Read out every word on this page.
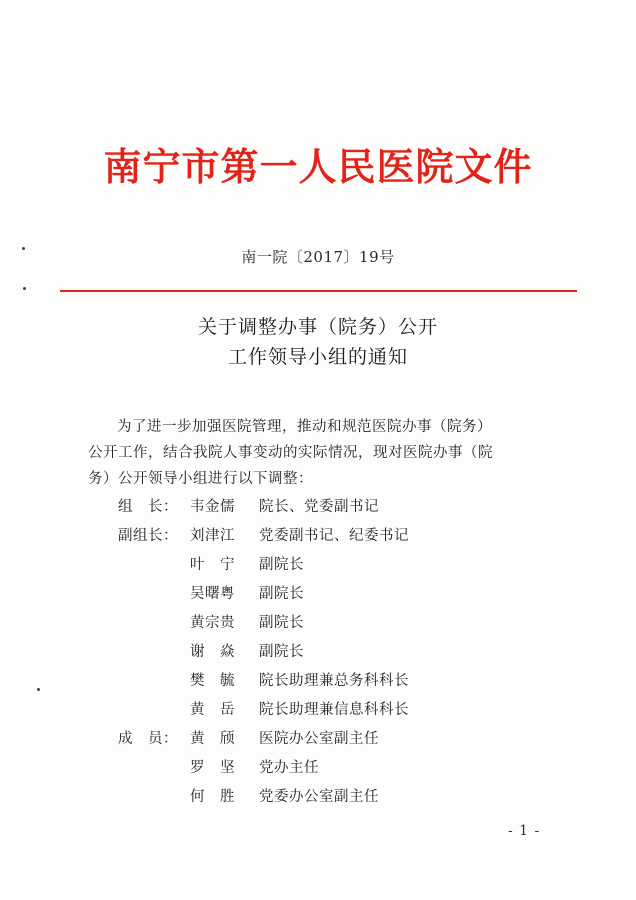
南宁市第一人民医院文件
南一院〔2017〕19号
关于调整办事（院务）公开
工作领导小组的通知
为了进一步加强医院管理，推动和规范医院办事（院务）
公开工作，结合我院人事变动的实际情况，现对医院办事（院
务）公开领导小组进行以下调整：
组　长： 韦金儒	院长、党委副书记
副组长： 刘津江	党委副书记、纪委书记
叶　宁	副院长
吴曙粤	副院长
黄宗贵	副院长
谢　焱	副院长
樊　毓	院长助理兼总务科科长
黄　岳	院长助理兼信息科科长
成　员： 黄　颀	医院办公室副主任
罗　坚	党办主任
何　胜	党委办公室副主任
- 1 -
